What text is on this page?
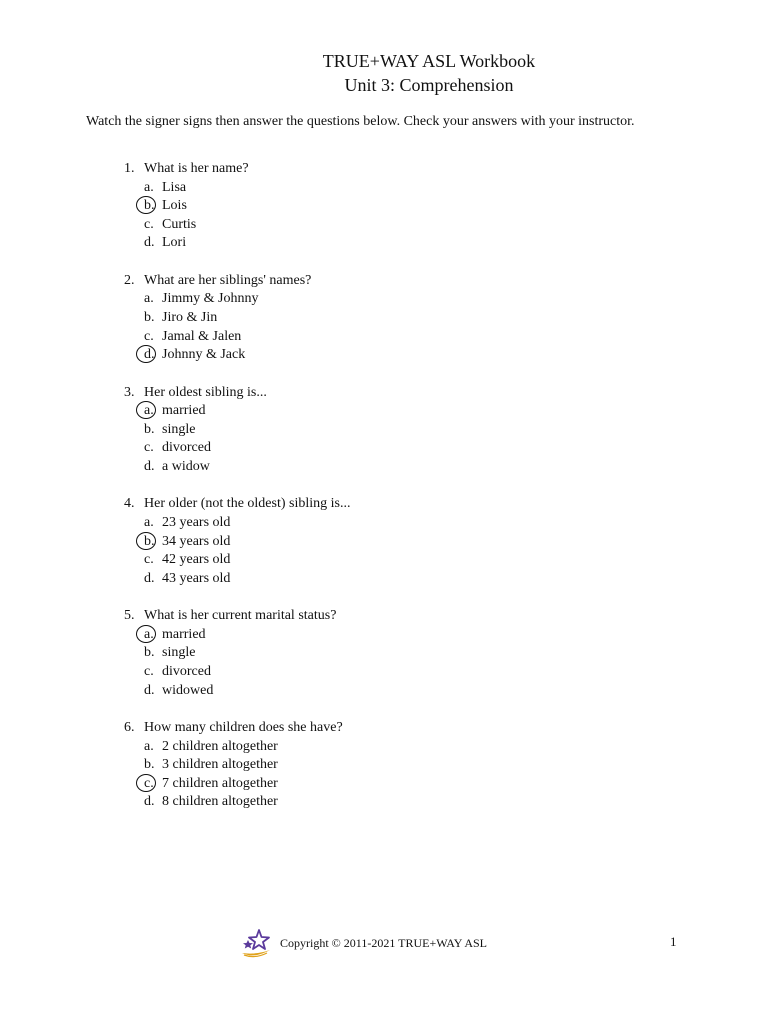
TRUE+WAY ASL Workbook
Unit 3: Comprehension
Watch the signer signs then answer the questions below. Check your answers with your instructor.
1. What is her name?
a. Lisa
b. Lois
c. Curtis
d. Lori
2. What are her siblings' names?
a. Jimmy & Johnny
b. Jiro & Jin
c. Jamal & Jalen
d. Johnny & Jack
3. Her oldest sibling is...
a. married
b. single
c. divorced
d. a widow
4. Her older (not the oldest) sibling is...
a. 23 years old
b. 34 years old
c. 42 years old
d. 43 years old
5. What is her current marital status?
a. married
b. single
c. divorced
d. widowed
6. How many children does she have?
a. 2 children altogether
b. 3 children altogether
c. 7 children altogether
d. 8 children altogether
Copyright © 2011-2021 TRUE+WAY ASL	1
